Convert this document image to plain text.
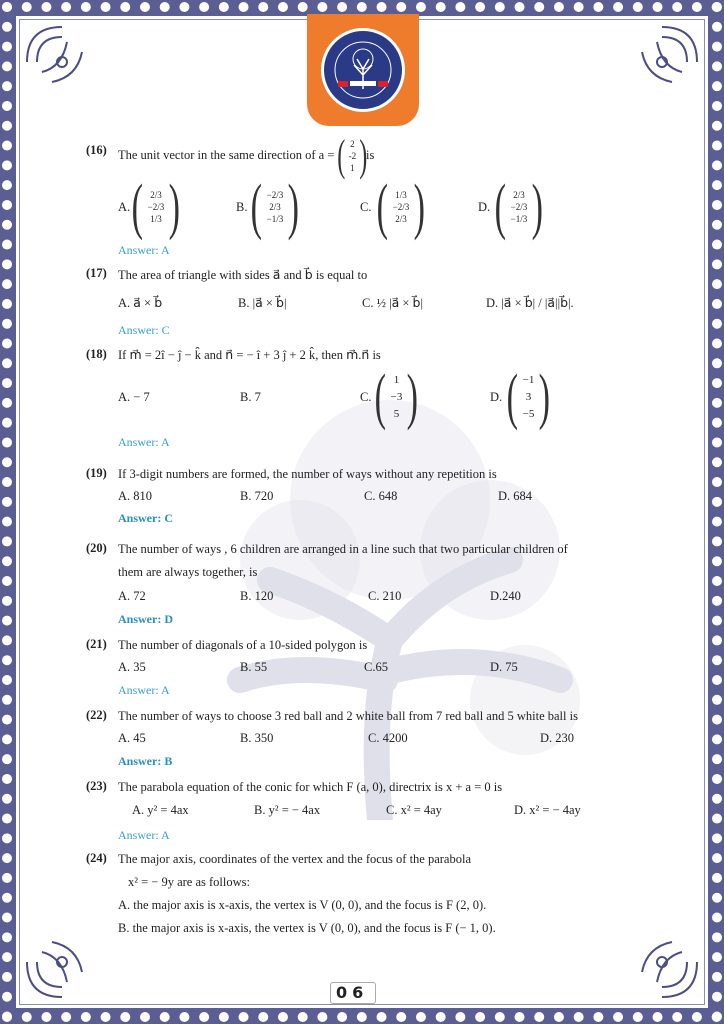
(16) The unit vector in the same direction of a = ( 2
-2
1 )
is
A. ( 2/3
−2/3
1/3 )	B. ( −2/3
2/3
−1/3 )	C. ( 1/3
−2/3
2/3 )	D. ( 2/3
−2/3
−1/3 )
Answer: A
(17) The area of triangle with sides a⃗ and b⃗ is equal to
A. a⃗ × b⃗	B. |a⃗ × b⃗|	C. ½ |a⃗ × b⃗|	D. |a⃗ × b⃗| / |a⃗||b⃗|.
Answer: C
(18) If m⃗ = 2î − ĵ − k̂ and n⃗ = − î + 3 ĵ + 2 k̂, then m⃗.n⃗ is
A. − 7	B. 7	C. ( 1
−3
5 )	D. ( −1
3
−5 )
Answer: A
(19) If 3-digit numbers are formed, the number of ways without any repetition is
A. 810	B. 720	C. 648	D. 684
Answer: C
(20) The number of ways , 6 children are arranged in a line such that two particular children of
them are always together, is
A. 72	B. 120	C. 210	D.240
Answer: D
(21) The number of diagonals of a 10-sided polygon is
A. 35	B. 55	C.65	D. 75
Answer: A
(22) The number of ways to choose 3 red ball and 2 white ball from 7 red ball and 5 white ball is
A. 45	B. 350	C. 4200	D. 230
Answer: B
(23) The parabola equation of the conic for which F (a, 0), directrix is x + a = 0 is
A. y² = 4ax	B. y² = − 4ax	C. x² = 4ay	D. x² = − 4ay
Answer: A
(24) The major axis, coordinates of the vertex and the focus of the parabola
x² = − 9y are as follows:
A. the major axis is x-axis, the vertex is V (0, 0), and the focus is F (2, 0).
B. the major axis is x-axis, the vertex is V (0, 0), and the focus is F (− 1, 0).
06
